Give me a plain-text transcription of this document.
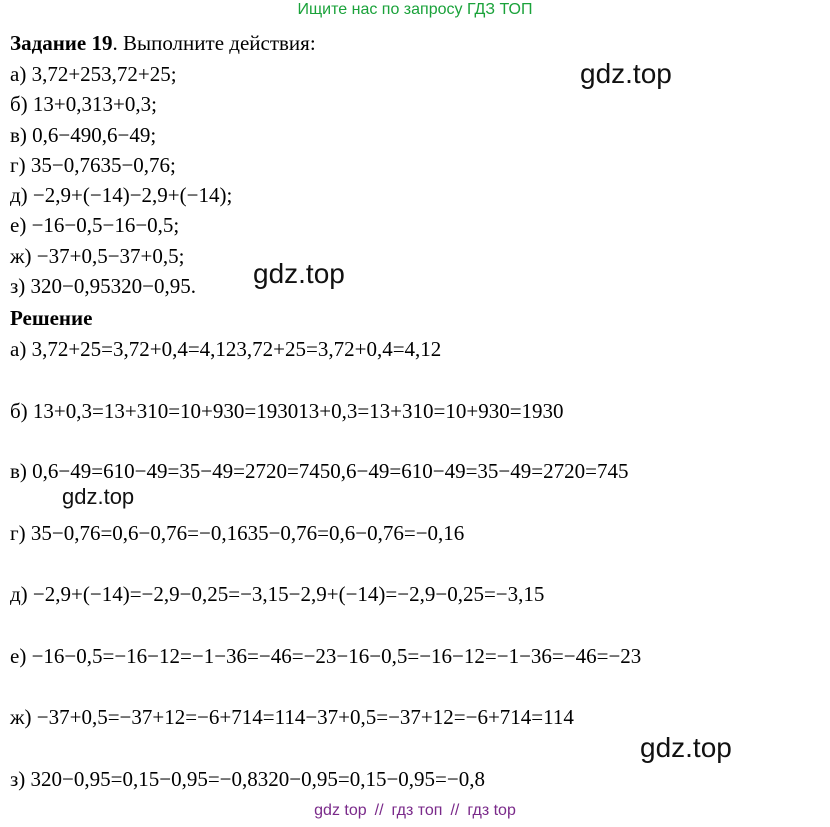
Ищите нас по запросу ГДЗ ТОП
Задание 19. Выполните действия:
а) 3,72+253,72+25;
б) 13+0,313+0,3;
в) 0,6−490,6−49;
г) 35−0,7635−0,76;
д) −2,9+(−14)−2,9+(−14);
е) −16−0,5−16−0,5;
ж) −37+0,5−37+0,5;
з) 320−0,95320−0,95.
Решение
а) 3,72+25=3,72+0,4=4,123,72+25=3,72+0,4=4,12
б) 13+0,3=13+310=10+930=193013+0,3=13+310=10+930=1930
в) 0,6−49=610−49=35−49=2720=7450,6−49=610−49=35−49=2720=745
г) 35−0,76=0,6−0,76=−0,1635−0,76=0,6−0,76=−0,16
д) −2,9+(−14)=−2,9−0,25=−3,15−2,9+(−14)=−2,9−0,25=−3,15
е) −16−0,5=−16−12=−1−36=−46=−23−16−0,5=−16−12=−1−36=−46=−23
ж) −37+0,5=−37+12=−6+714=114−37+0,5=−37+12=−6+714=114
з) 320−0,95=0,15−0,95=−0,8320−0,95=0,15−0,95=−0,8
gdz.top
gdz.top
gdz.top
gdz.top
gdz top // гдз топ // гдз top
